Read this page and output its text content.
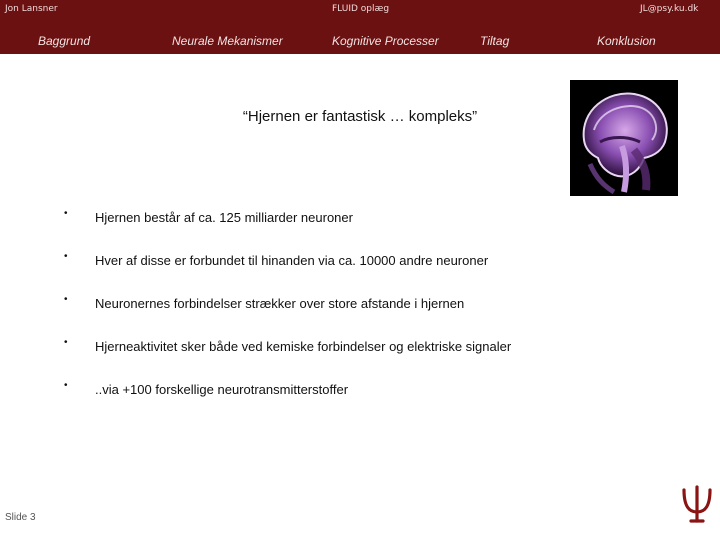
Jon Lansner	FLUID oplæg	JL@psy.ku.dk
Baggrund	Neurale Mekanismer	Kognitive Processer	Tiltag	Konklusion
“Hjernen er fantastisk … kompleks”
• Hjernen består af ca. 125 milliarder neuroner
• Hver af disse er forbundet til hinanden via ca. 10000 andre neuroner
• Neuronernes forbindelser strækker over store afstande i hjernen
• Hjerneaktivitet sker både ved kemiske forbindelser og elektriske signaler
• ..via +100 forskellige neurotransmitterstoffer
Slide 3
